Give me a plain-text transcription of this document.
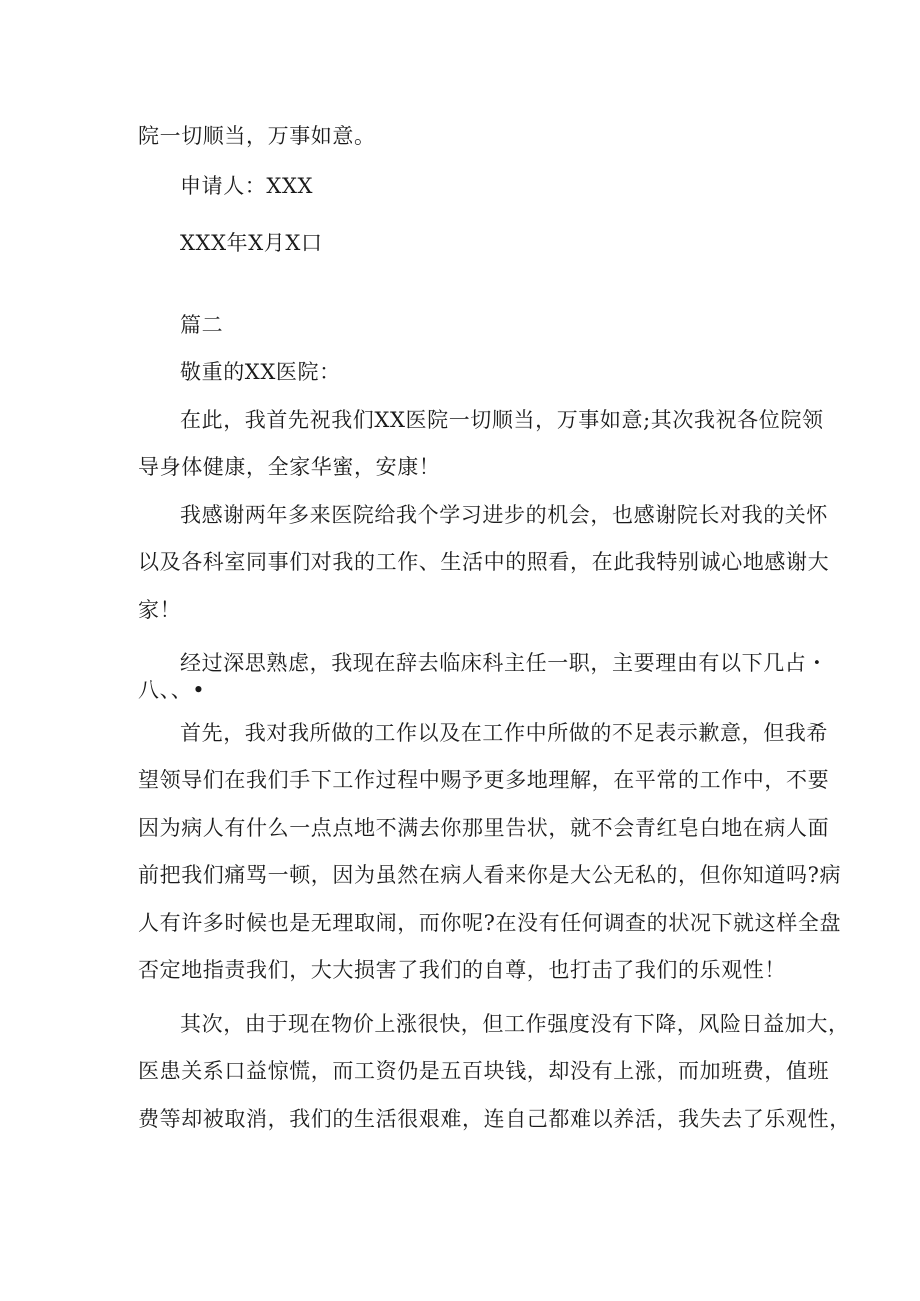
院一切顺当，万事如意。
申请人：XXX
XXX年X月X口
篇二
敬重的XX医院：
在此，我首先祝我们XX医院一切顺当，万事如意;其次我祝各位院领
导身体健康，全家华蜜，安康！
我感谢两年多来医院给我个学习进步的机会，也感谢院长对我的关怀
以及各科室同事们对我的工作、生活中的照看，在此我特别诚心地感谢大
家！
经过深思熟虑，我现在辞去临床科主任一职，主要理由有以下几占・
八、、•
首先，我对我所做的工作以及在工作中所做的不足表示歉意，但我希
望领导们在我们手下工作过程中赐予更多地理解，在平常的工作中，不要
因为病人有什么一点点地不满去你那里告状，就不会青红皂白地在病人面
前把我们痛骂一顿，因为虽然在病人看来你是大公无私的，但你知道吗?病
人有许多时候也是无理取闹，而你呢?在没有任何调查的状况下就这样全盘
否定地指责我们，大大损害了我们的自尊，也打击了我们的乐观性！
其次，由于现在物价上涨很快，但工作强度没有下降，风险日益加大，
医患关系口益惊慌，而工资仍是五百块钱，却没有上涨，而加班费，值班
费等却被取消，我们的生活很艰难，连自己都难以养活，我失去了乐观性，
